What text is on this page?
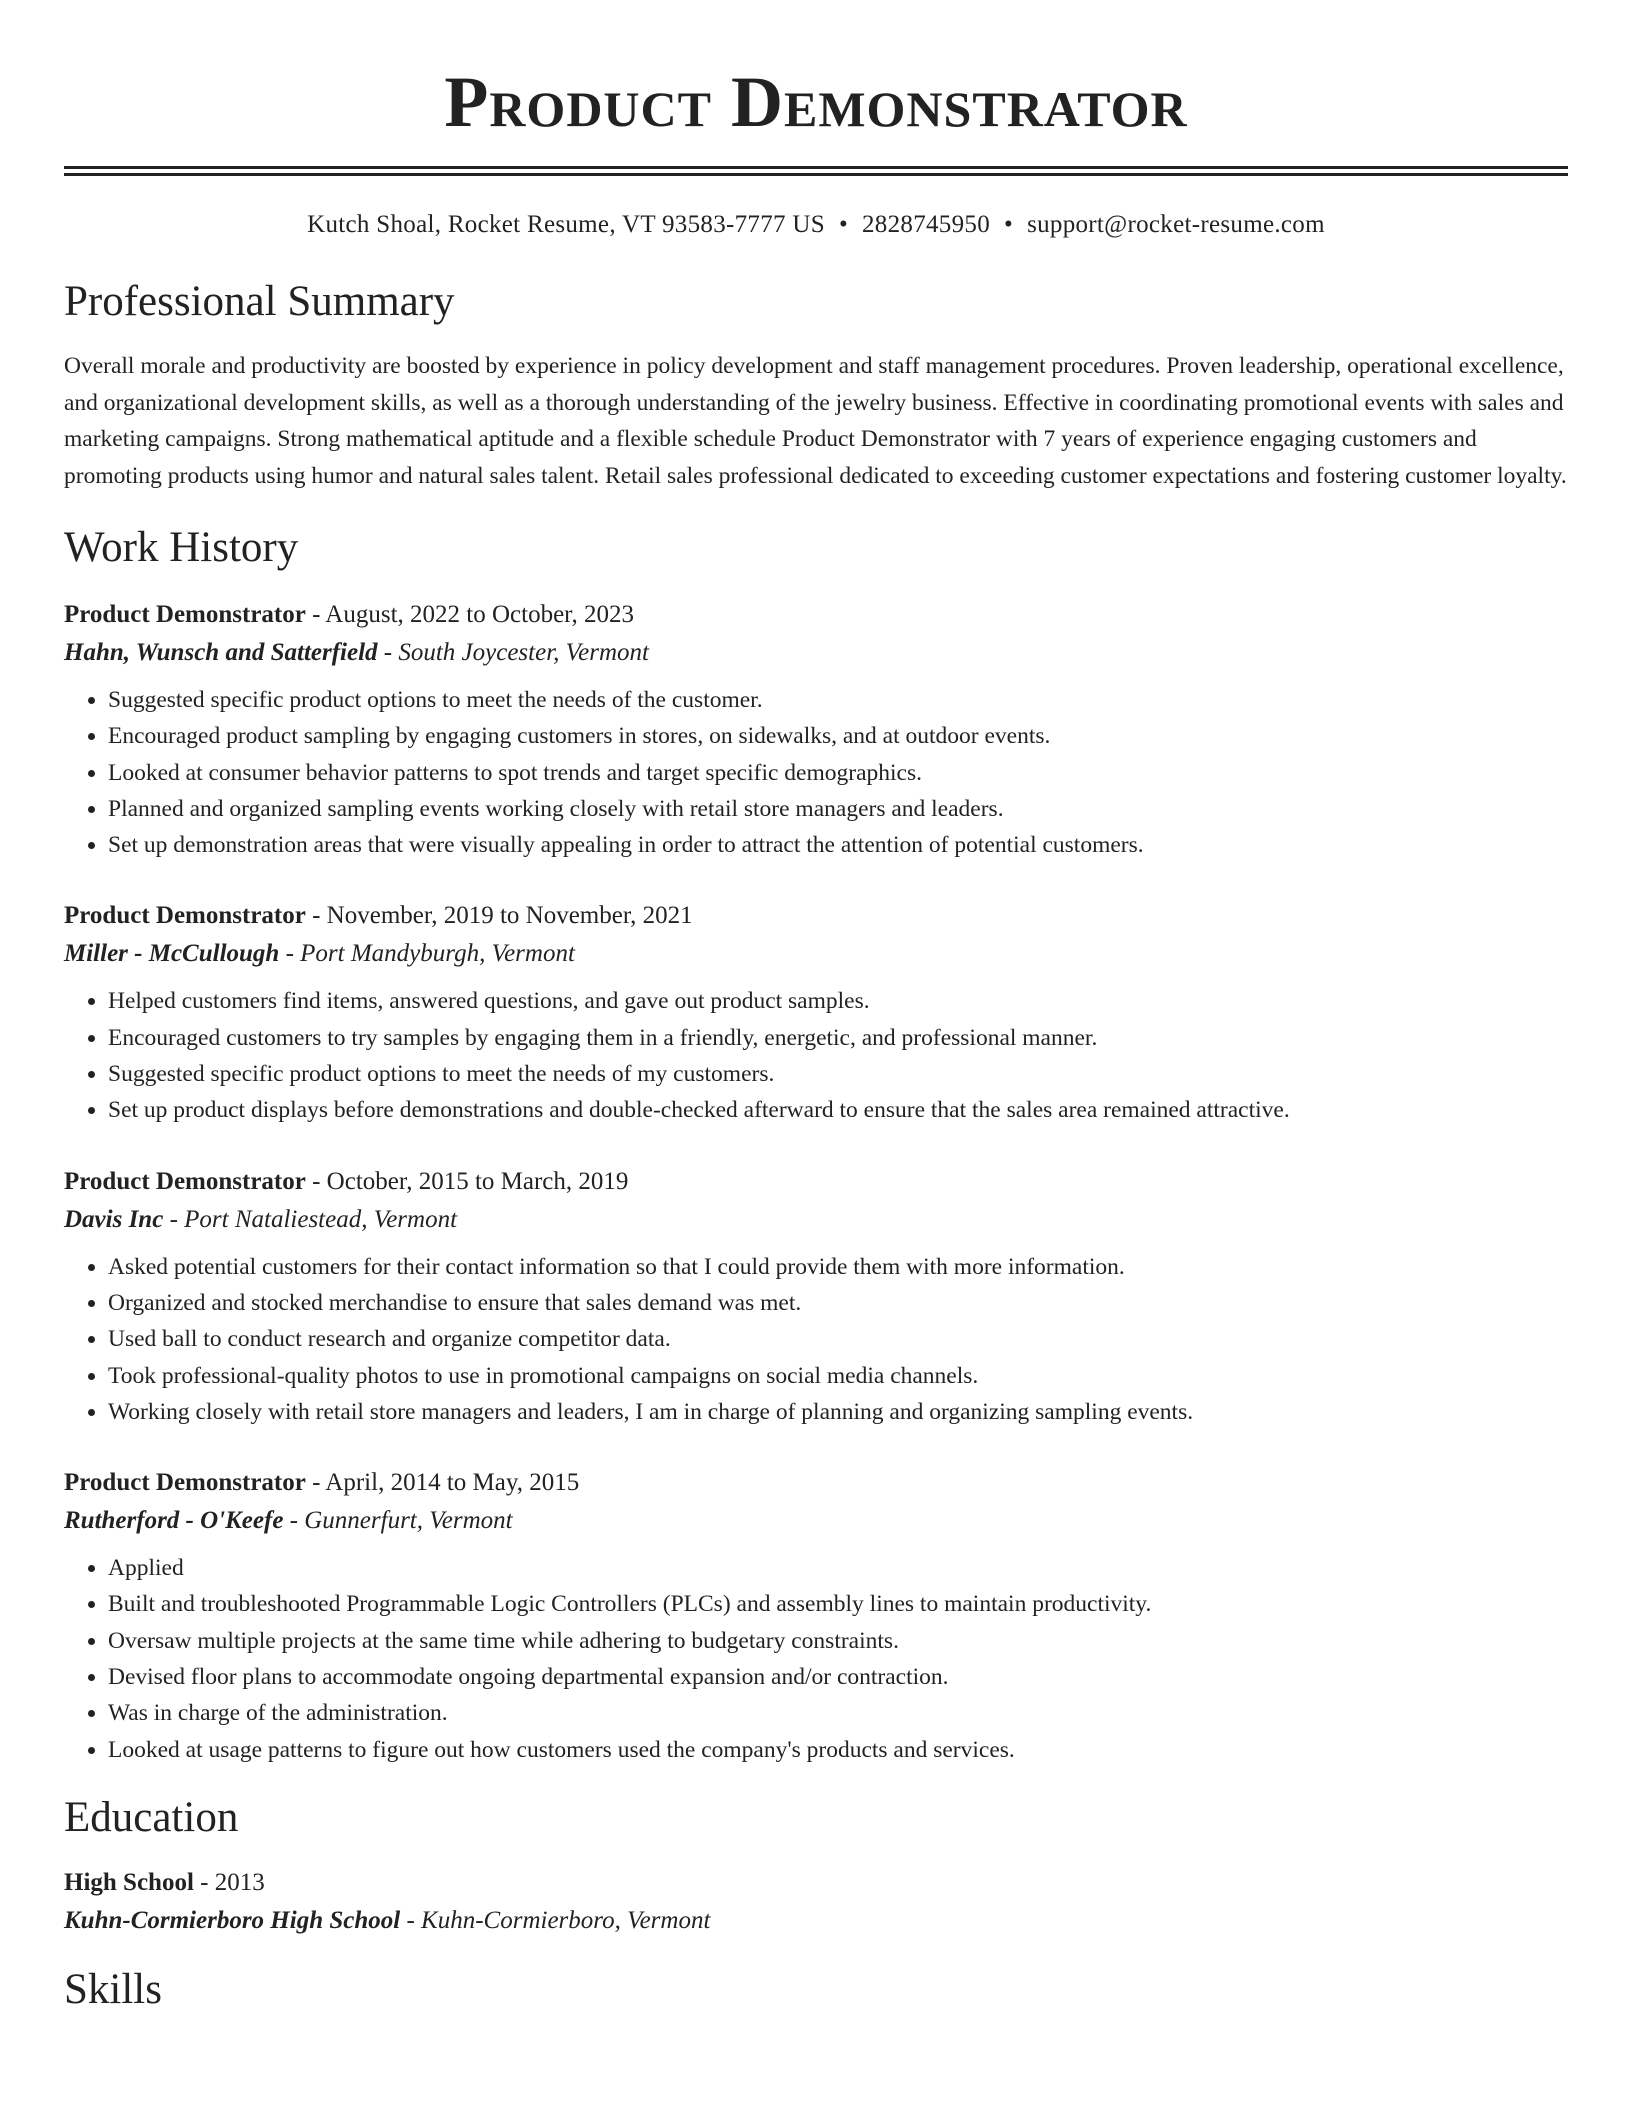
Product Demonstrator
Kutch Shoal, Rocket Resume, VT 93583-7777 US • 2828745950 • support@rocket-resume.com
Professional Summary

Overall morale and productivity are boosted by experience in policy development and staff management procedures. Proven leadership, operational excellence, and organizational development skills, as well as a thorough understanding of the jewelry business. Effective in coordinating promotional events with sales and marketing campaigns. Strong mathematical aptitude and a flexible schedule Product Demonstrator with 7 years of experience engaging customers and promoting products using humor and natural sales talent. Retail sales professional dedicated to exceeding customer expectations and fostering customer loyalty.

Work History
Product Demonstrator - August, 2022 to October, 2023
Hahn, Wunsch and Satterfield - South Joycester, Vermont
• Suggested specific product options to meet the needs of the customer.
• Encouraged product sampling by engaging customers in stores, on sidewalks, and at outdoor events.
• Looked at consumer behavior patterns to spot trends and target specific demographics.
• Planned and organized sampling events working closely with retail store managers and leaders.
• Set up demonstration areas that were visually appealing in order to attract the attention of potential customers.
Product Demonstrator - November, 2019 to November, 2021
Miller - McCullough - Port Mandyburgh, Vermont
• Helped customers find items, answered questions, and gave out product samples.
• Encouraged customers to try samples by engaging them in a friendly, energetic, and professional manner.
• Suggested specific product options to meet the needs of my customers.
• Set up product displays before demonstrations and double-checked afterward to ensure that the sales area remained attractive.
Product Demonstrator - October, 2015 to March, 2019
Davis Inc - Port Nataliestead, Vermont
• Asked potential customers for their contact information so that I could provide them with more information.
• Organized and stocked merchandise to ensure that sales demand was met.
• Used ball to conduct research and organize competitor data.
• Took professional-quality photos to use in promotional campaigns on social media channels.
• Working closely with retail store managers and leaders, I am in charge of planning and organizing sampling events.
Product Demonstrator - April, 2014 to May, 2015
Rutherford - O'Keefe - Gunnerfurt, Vermont
• Applied
• Built and troubleshooted Programmable Logic Controllers (PLCs) and assembly lines to maintain productivity.
• Oversaw multiple projects at the same time while adhering to budgetary constraints.
• Devised floor plans to accommodate ongoing departmental expansion and/or contraction.
• Was in charge of the administration.
• Looked at usage patterns to figure out how customers used the company's products and services.
Education
High School - 2013
Kuhn-Cormierboro High School - Kuhn-Cormierboro, Vermont
Skills
